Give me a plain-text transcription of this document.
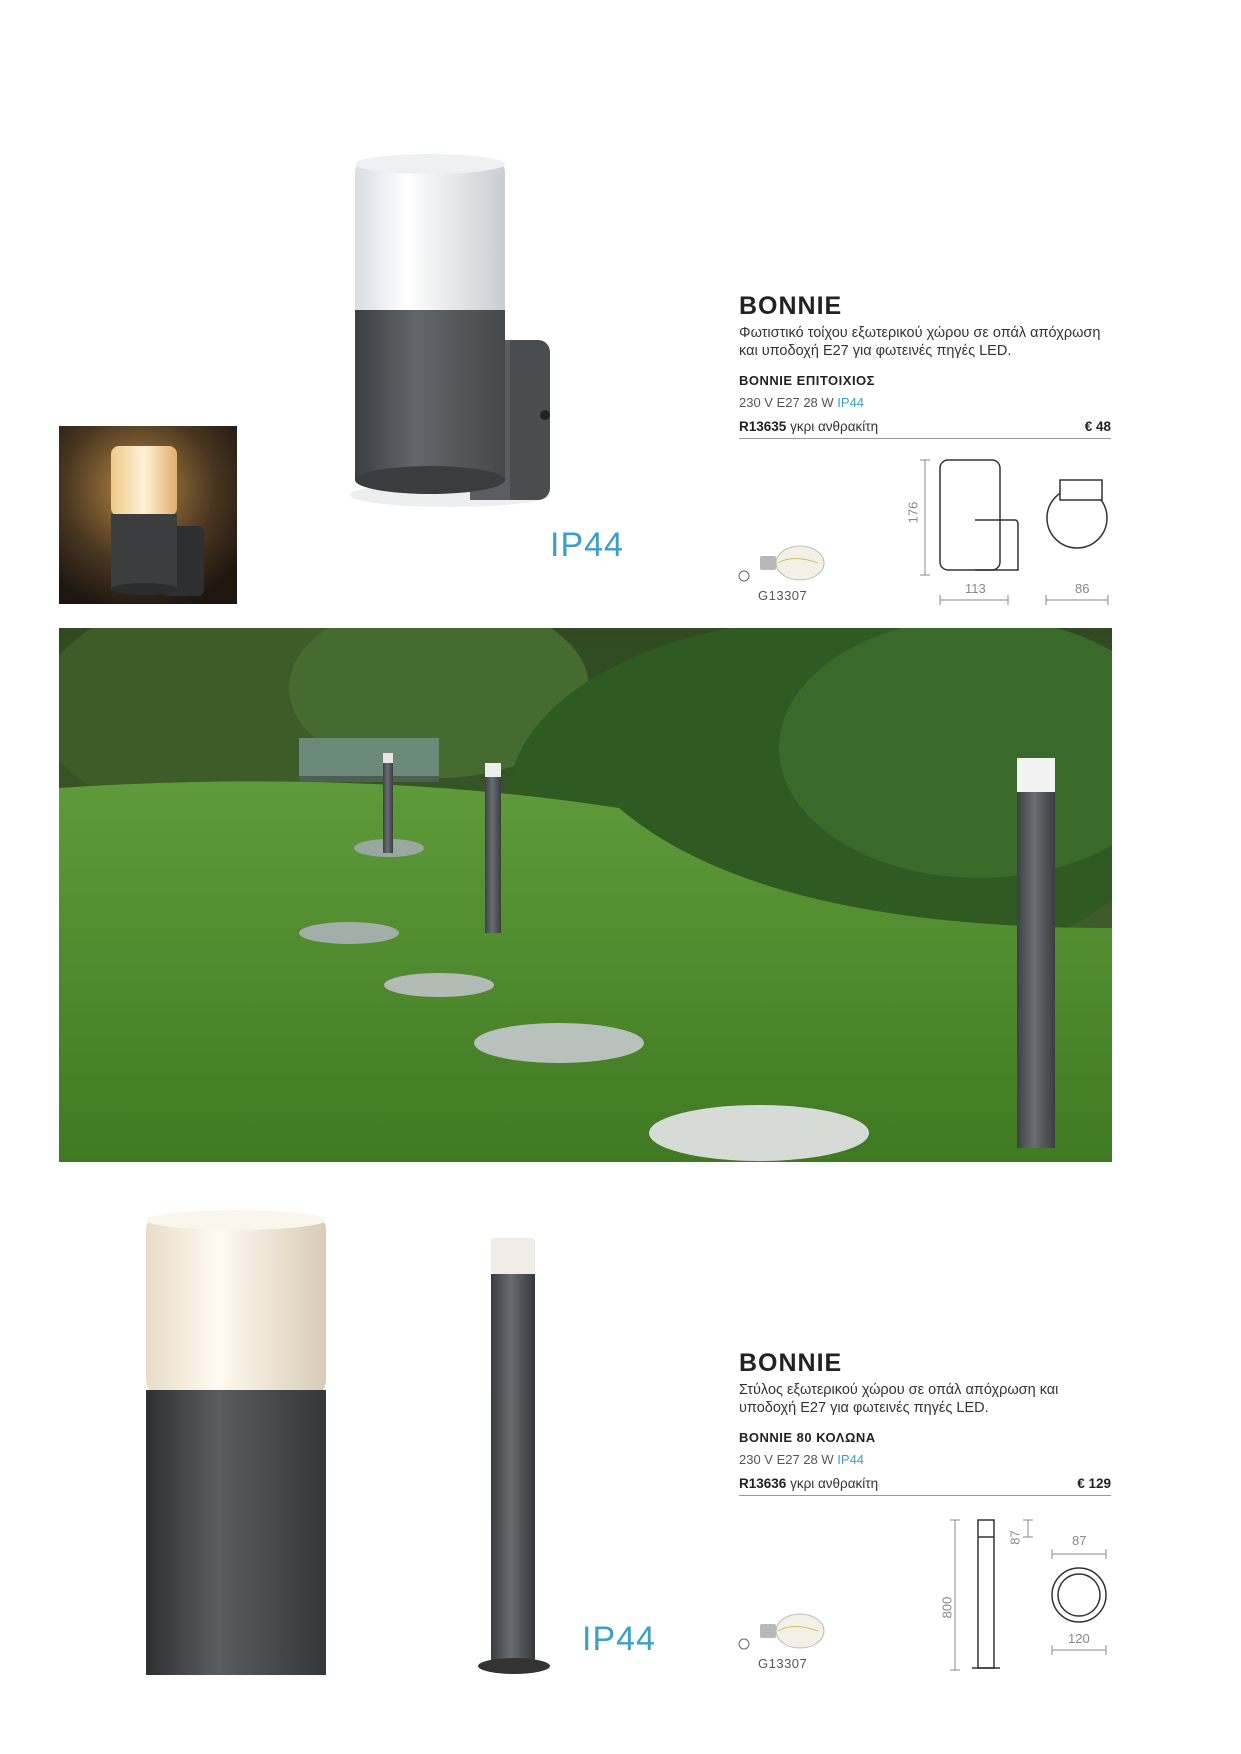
IP44
BONNIE
Φωτιστικό τοίχου εξωτερικού χώρου σε οπάλ απόχρωση και υποδοχή E27 για φωτεινές πηγές LED.
BONNIE ΕΠΙΤΟΙΧΙΟΣ
230 V E27 28 W IP44
R13635 γκρι ανθρακίτη	€ 48
G13307
176
113	86
IP44
BONNIE
Στύλος εξωτερικού χώρου σε οπάλ απόχρωση και υποδοχή E27 για φωτεινές πηγές LED.
BONNIE 80 ΚΟΛΩΝΑ
230 V E27 28 W IP44
R13636 γκρι ανθρακίτη	€ 129
G13307
800
87	87
120
